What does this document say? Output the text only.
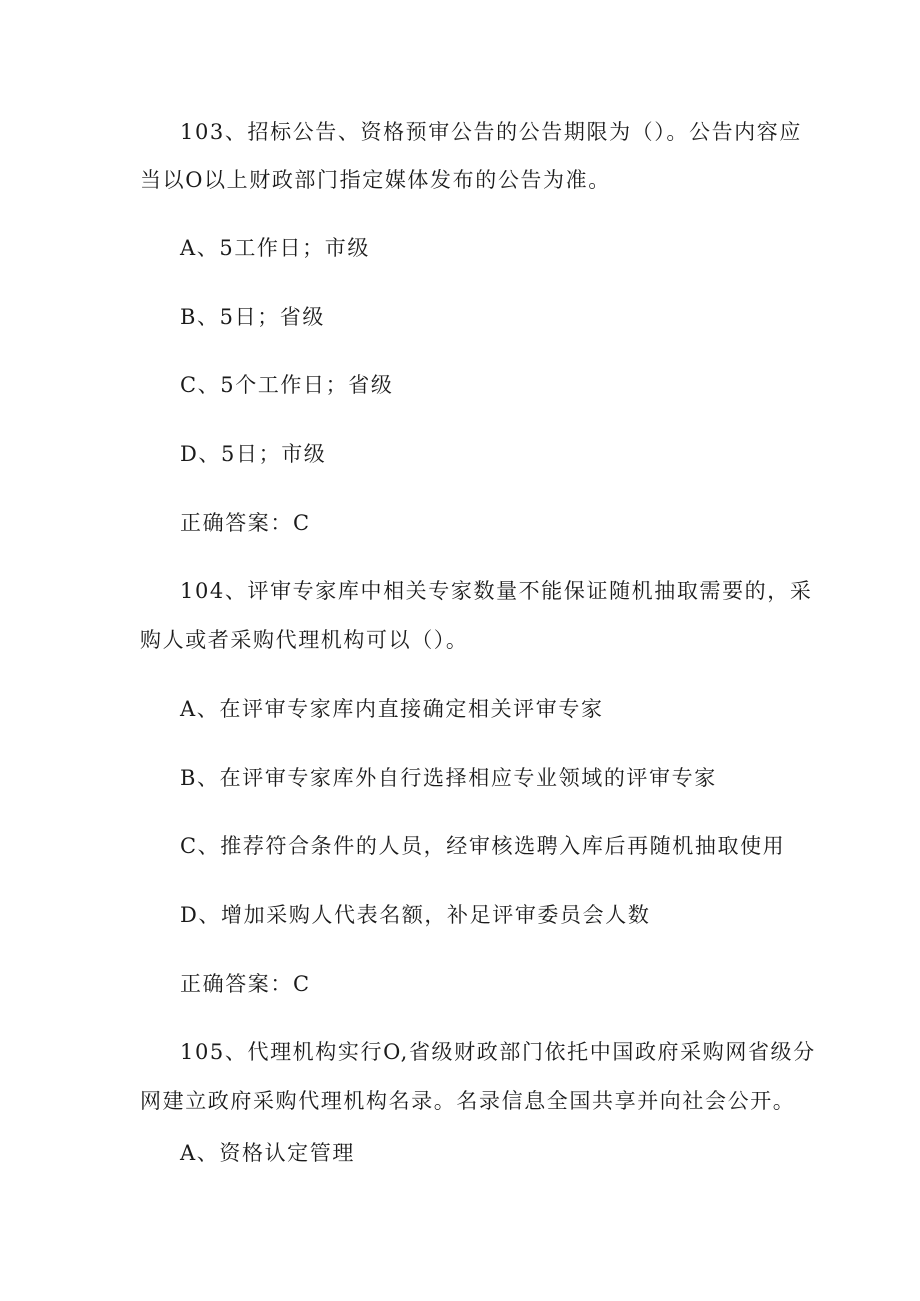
103、招标公告、资格预审公告的公告期限为（）。公告内容应
当以O以上财政部门指定媒体发布的公告为准。
A、5工作日；市级
B、5日；省级
C、5个工作日；省级
D、5日；市级
正确答案：C
104、评审专家库中相关专家数量不能保证随机抽取需要的，采
购人或者采购代理机构可以（）。
A、在评审专家库内直接确定相关评审专家
B、在评审专家库外自行选择相应专业领域的评审专家
C、推荐符合条件的人员，经审核选聘入库后再随机抽取使用
D、增加采购人代表名额，补足评审委员会人数
正确答案：C
105、代理机构实行O,省级财政部门依托中国政府采购网省级分
网建立政府采购代理机构名录。名录信息全国共享并向社会公开。
A、资格认定管理
